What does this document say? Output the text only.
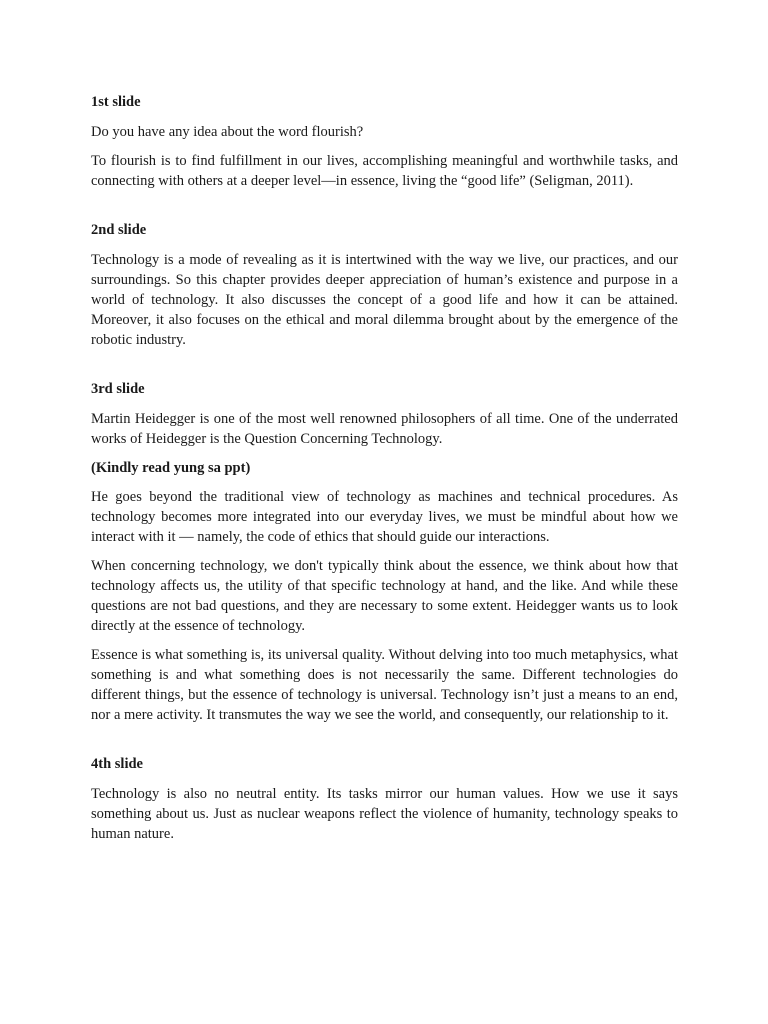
1st slide

Do you have any idea about the word flourish?

To flourish is to find fulfillment in our lives, accomplishing meaningful and worthwhile tasks, and connecting with others at a deeper level—in essence, living the “good life” (Seligman, 2011).

2nd slide

Technology is a mode of revealing as it is intertwined with the way we live, our practices, and our surroundings. So this chapter provides deeper appreciation of human’s existence and purpose in a world of technology. It also discusses the concept of a good life and how it can be attained. Moreover, it also focuses on the ethical and moral dilemma brought about by the emergence of the robotic industry.

3rd slide

Martin Heidegger is one of the most well renowned philosophers of all time. One of the underrated works of Heidegger is the Question Concerning Technology.

(Kindly read yung sa ppt)

He goes beyond the traditional view of technology as machines and technical procedures. As technology becomes more integrated into our everyday lives, we must be mindful about how we interact with it — namely, the code of ethics that should guide our interactions.

When concerning technology, we don't typically think about the essence, we think about how that technology affects us, the utility of that specific technology at hand, and the like. And while these questions are not bad questions, and they are necessary to some extent. Heidegger wants us to look directly at the essence of technology.

Essence is what something is, its universal quality. Without delving into too much metaphysics, what something is and what something does is not necessarily the same. Different technologies do different things, but the essence of technology is universal. Technology isn’t just a means to an end, nor a mere activity. It transmutes the way we see the world, and consequently, our relationship to it.

4th slide

Technology is also no neutral entity. Its tasks mirror our human values. How we use it says something about us. Just as nuclear weapons reflect the violence of humanity, technology speaks to human nature.
